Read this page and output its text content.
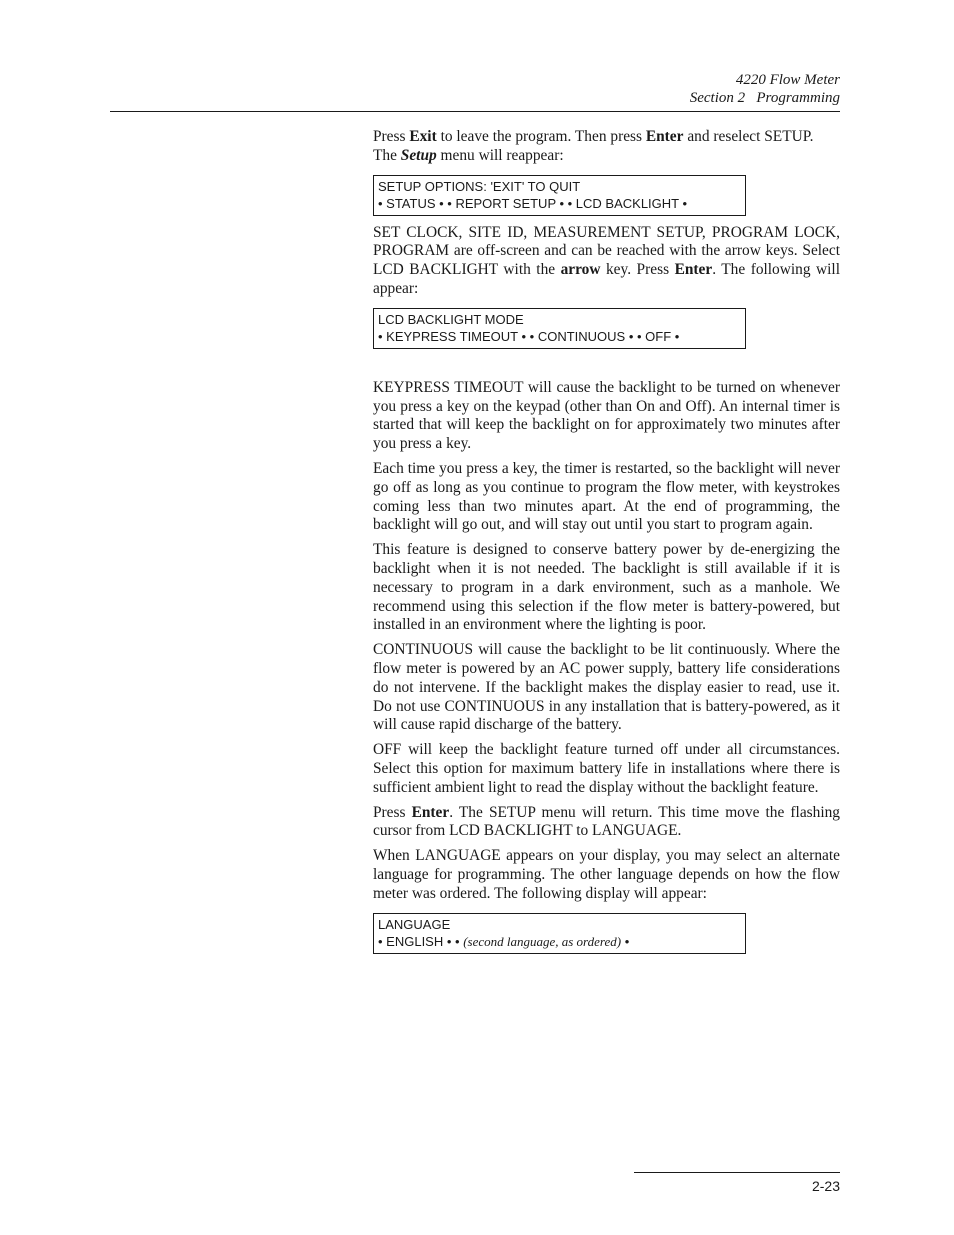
4220 Flow Meter
Section 2   Programming

Press Exit to leave the program. Then press Enter and reselect SETUP. The Setup menu will reappear:

SETUP OPTIONS: 'EXIT' TO QUIT
• STATUS • • REPORT SETUP • • LCD BACKLIGHT •

SET CLOCK, SITE ID, MEASUREMENT SETUP, PROGRAM LOCK, PROGRAM are off-screen and can be reached with the arrow keys. Select LCD BACKLIGHT with the arrow key. Press Enter. The following will appear:

LCD BACKLIGHT MODE
• KEYPRESS TIMEOUT • • CONTINUOUS • • OFF •

KEYPRESS TIMEOUT will cause the backlight to be turned on whenever you press a key on the keypad (other than On and Off). An internal timer is started that will keep the backlight on for approximately two minutes after you press a key.

Each time you press a key, the timer is restarted, so the backlight will never go off as long as you continue to program the flow meter, with keystrokes coming less than two minutes apart. At the end of programming, the backlight will go out, and will stay out until you start to program again.

This feature is designed to conserve battery power by de-energizing the backlight when it is not needed. The backlight is still available if it is necessary to program in a dark environment, such as a manhole. We recommend using this selection if the flow meter is battery-powered, but installed in an environment where the lighting is poor.

CONTINUOUS will cause the backlight to be lit continuously. Where the flow meter is powered by an AC power supply, battery life considerations do not intervene. If the backlight makes the display easier to read, use it. Do not use CONTINUOUS in any installation that is battery-powered, as it will cause rapid discharge of the battery.

OFF will keep the backlight feature turned off under all circumstances. Select this option for maximum battery life in installations where there is sufficient ambient light to read the display without the backlight feature.

Press Enter. The SETUP menu will return. This time move the flashing cursor from LCD BACKLIGHT to LANGUAGE.

When LANGUAGE appears on your display, you may select an alternate language for programming. The other language depends on how the flow meter was ordered. The following display will appear:

LANGUAGE
• ENGLISH • • (second language, as ordered) •
2-23
